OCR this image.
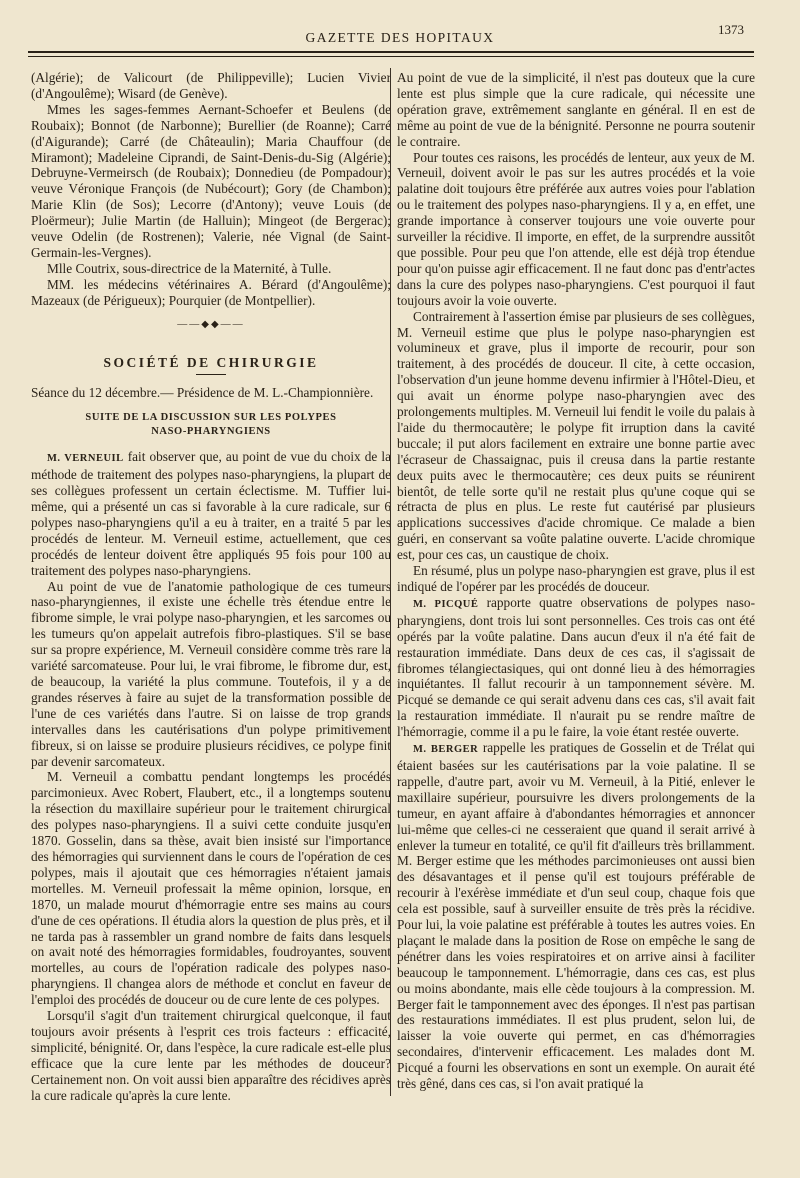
GAZETTE DES HOPITAUX
1373

(Algérie); de Valicourt (de Philippeville); Lucien Vivier (d'Angoulême); Wisard (de Genève).

Mmes les sages-femmes Aernant-Schoefer et Beulens (de Roubaix); Bonnot (de Narbonne); Burellier (de Roanne); Carré (d'Aigurande); Carré (de Châteaulin); Maria Chauffour (de Miramont); Madeleine Ciprandi, de Saint-Denis-du-Sig (Algérie); Debruyne-Vermeirsch (de Roubaix); Donnedieu (de Pompadour); veuve Véronique François (de Nubécourt); Gory (de Chambon); Marie Klin (de Sos); Lecorre (d'Antony); veuve Louis (de Ploërmeur); Julie Martin (de Halluin); Mingeot (de Bergerac); veuve Odelin (de Rostrenen); Valerie, née Vignal (de Saint-Germain-les-Vergnes).

Mlle Coutrix, sous-directrice de la Maternité, à Tulle.

MM. les médecins vétérinaires A. Bérard (d'Angoulême); Mazeaux (de Périgueux); Pourquier (de Montpellier).

——◆◆——
SOCIÉTÉ DE CHIRURGIE

Séance du 12 décembre.— Présidence de M. L.-Championnière.

SUITE DE LA DISCUSSION SUR LES POLYPES
NASO-PHARYNGIENS

M. VERNEUIL fait observer que, au point de vue du choix de la méthode de traitement des polypes naso-pharyngiens, la plupart de ses collègues professent un certain éclectisme. M. Tuffier lui-même, qui a présenté un cas si favorable à la cure radicale, sur 6 polypes naso-pharyngiens qu'il a eu à traiter, en a traité 5 par les procédés de lenteur. M. Verneuil estime, actuellement, que ces procédés de lenteur doivent être appliqués 95 fois pour 100 au traitement des polypes naso-pharyngiens.

Au point de vue de l'anatomie pathologique de ces tumeurs naso-pharyngiennes, il existe une échelle très étendue entre le fibrome simple, le vrai polype naso-pharyngien, et les sarcomes ou les tumeurs qu'on appelait autrefois fibro-plastiques. S'il se base sur sa propre expérience, M. Verneuil considère comme très rare la variété sarcomateuse. Pour lui, le vrai fibrome, le fibrome dur, est, de beaucoup, la variété la plus commune. Toutefois, il y a de grandes réserves à faire au sujet de la transformation possible de l'une de ces variétés dans l'autre. Si on laisse de trop grands intervalles dans les cautérisations d'un polype primitivement fibreux, si on laisse se produire plusieurs récidives, ce polype finit par devenir sarcomateux.

M. Verneuil a combattu pendant longtemps les procédés parcimonieux. Avec Robert, Flaubert, etc., il a longtemps soutenu la résection du maxillaire supérieur pour le traitement chirurgical des polypes naso-pharyngiens. Il a suivi cette conduite jusqu'en 1870. Gosselin, dans sa thèse, avait bien insisté sur l'importance des hémorragies qui surviennent dans le cours de l'opération de ces polypes, mais il ajoutait que ces hémorragies n'étaient jamais mortelles. M. Verneuil professait la même opinion, lorsque, en 1870, un malade mourut d'hémorragie entre ses mains au cours d'une de ces opérations. Il étudia alors la question de plus près, et il ne tarda pas à rassembler un grand nombre de faits dans lesquels on avait noté des hémorragies formidables, foudroyantes, souvent mortelles, au cours de l'opération radicale des polypes naso-pharyngiens. Il changea alors de méthode et conclut en faveur de l'emploi des procédés de douceur ou de cure lente de ces polypes.

Lorsqu'il s'agit d'un traitement chirurgical quelconque, il faut toujours avoir présents à l'esprit ces trois facteurs : efficacité, simplicité, bénignité. Or, dans l'espèce, la cure radicale est-elle plus efficace que la cure lente par les méthodes de douceur? Certainement non. On voit aussi bien apparaître des récidives après la cure radicale qu'après la cure lente.

Au point de vue de la simplicité, il n'est pas douteux que la cure lente est plus simple que la cure radicale, qui nécessite une opération grave, extrêmement sanglante en général. Il en est de même au point de vue de la bénignité. Personne ne pourra soutenir le contraire.

Pour toutes ces raisons, les procédés de lenteur, aux yeux de M. Verneuil, doivent avoir le pas sur les autres procédés et la voie palatine doit toujours être préférée aux autres voies pour l'ablation ou le traitement des polypes naso-pharyngiens. Il y a, en effet, une grande importance à conserver toujours une voie ouverte pour surveiller la récidive. Il importe, en effet, de la surprendre aussitôt que possible. Pour peu que l'on attende, elle est déjà trop étendue pour qu'on puisse agir efficacement. Il ne faut donc pas d'entr'actes dans la cure des polypes naso-pharyngiens. C'est pourquoi il faut toujours avoir la voie ouverte.

Contrairement à l'assertion émise par plusieurs de ses collègues, M. Verneuil estime que plus le polype naso-pharyngien est volumineux et grave, plus il importe de recourir, pour son traitement, à des procédés de douceur. Il cite, à cette occasion, l'observation d'un jeune homme devenu infirmier à l'Hôtel-Dieu, et qui avait un énorme polype naso-pharyngien avec des prolongements multiples. M. Verneuil lui fendit le voile du palais à l'aide du thermocautère; le polype fit irruption dans la cavité buccale; il put alors facilement en extraire une bonne partie avec l'écraseur de Chassaignac, puis il creusa dans la partie restante deux puits avec le thermocautère; ces deux puits se réunirent bientôt, de telle sorte qu'il ne restait plus qu'une coque qui se rétracta de plus en plus. Le reste fut cautérisé par plusieurs applications successives d'acide chromique. Ce malade a bien guéri, en conservant sa voûte palatine ouverte. L'acide chromique est, pour ces cas, un caustique de choix.

En résumé, plus un polype naso-pharyngien est grave, plus il est indiqué de l'opérer par les procédés de douceur.

M. PICQUÉ rapporte quatre observations de polypes naso-pharyngiens, dont trois lui sont personnelles. Ces trois cas ont été opérés par la voûte palatine. Dans aucun d'eux il n'a été fait de restauration immédiate. Dans deux de ces cas, il s'agissait de fibromes télangiectasiques, qui ont donné lieu à des hémorragies inquiétantes. Il fallut recourir à un tamponnement sévère. M. Picqué se demande ce qui serait advenu dans ces cas, s'il avait fait la restauration immédiate. Il n'aurait pu se rendre maître de l'hémorragie, comme il a pu le faire, la voie étant restée ouverte.

M. BERGER rappelle les pratiques de Gosselin et de Trélat qui étaient basées sur les cautérisations par la voie palatine. Il se rappelle, d'autre part, avoir vu M. Verneuil, à la Pitié, enlever le maxillaire supérieur, poursuivre les divers prolongements de la tumeur, en ayant affaire à d'abondantes hémorragies et annoncer lui-même que celles-ci ne cesseraient que quand il serait arrivé à enlever la tumeur en totalité, ce qu'il fit d'ailleurs très brillamment. M. Berger estime que les méthodes parcimonieuses ont aussi bien des désavantages et il pense qu'il est toujours préférable de recourir à l'exérèse immédiate et d'un seul coup, chaque fois que cela est possible, sauf à surveiller ensuite de très près la récidive. Pour lui, la voie palatine est préférable à toutes les autres voies. En plaçant le malade dans la position de Rose on empêche le sang de pénétrer dans les voies respiratoires et on arrive ainsi à faciliter beaucoup le tamponnement. L'hémorragie, dans ces cas, est plus ou moins abondante, mais elle cède toujours à la compression. M. Berger fait le tamponnement avec des éponges. Il n'est pas partisan des restaurations immédiates. Il est plus prudent, selon lui, de laisser la voie ouverte qui permet, en cas d'hémorragies secondaires, d'intervenir efficacement. Les malades dont M. Picqué a fourni les observations en sont un exemple. On aurait été très gêné, dans ces cas, si l'on avait pratiqué la
